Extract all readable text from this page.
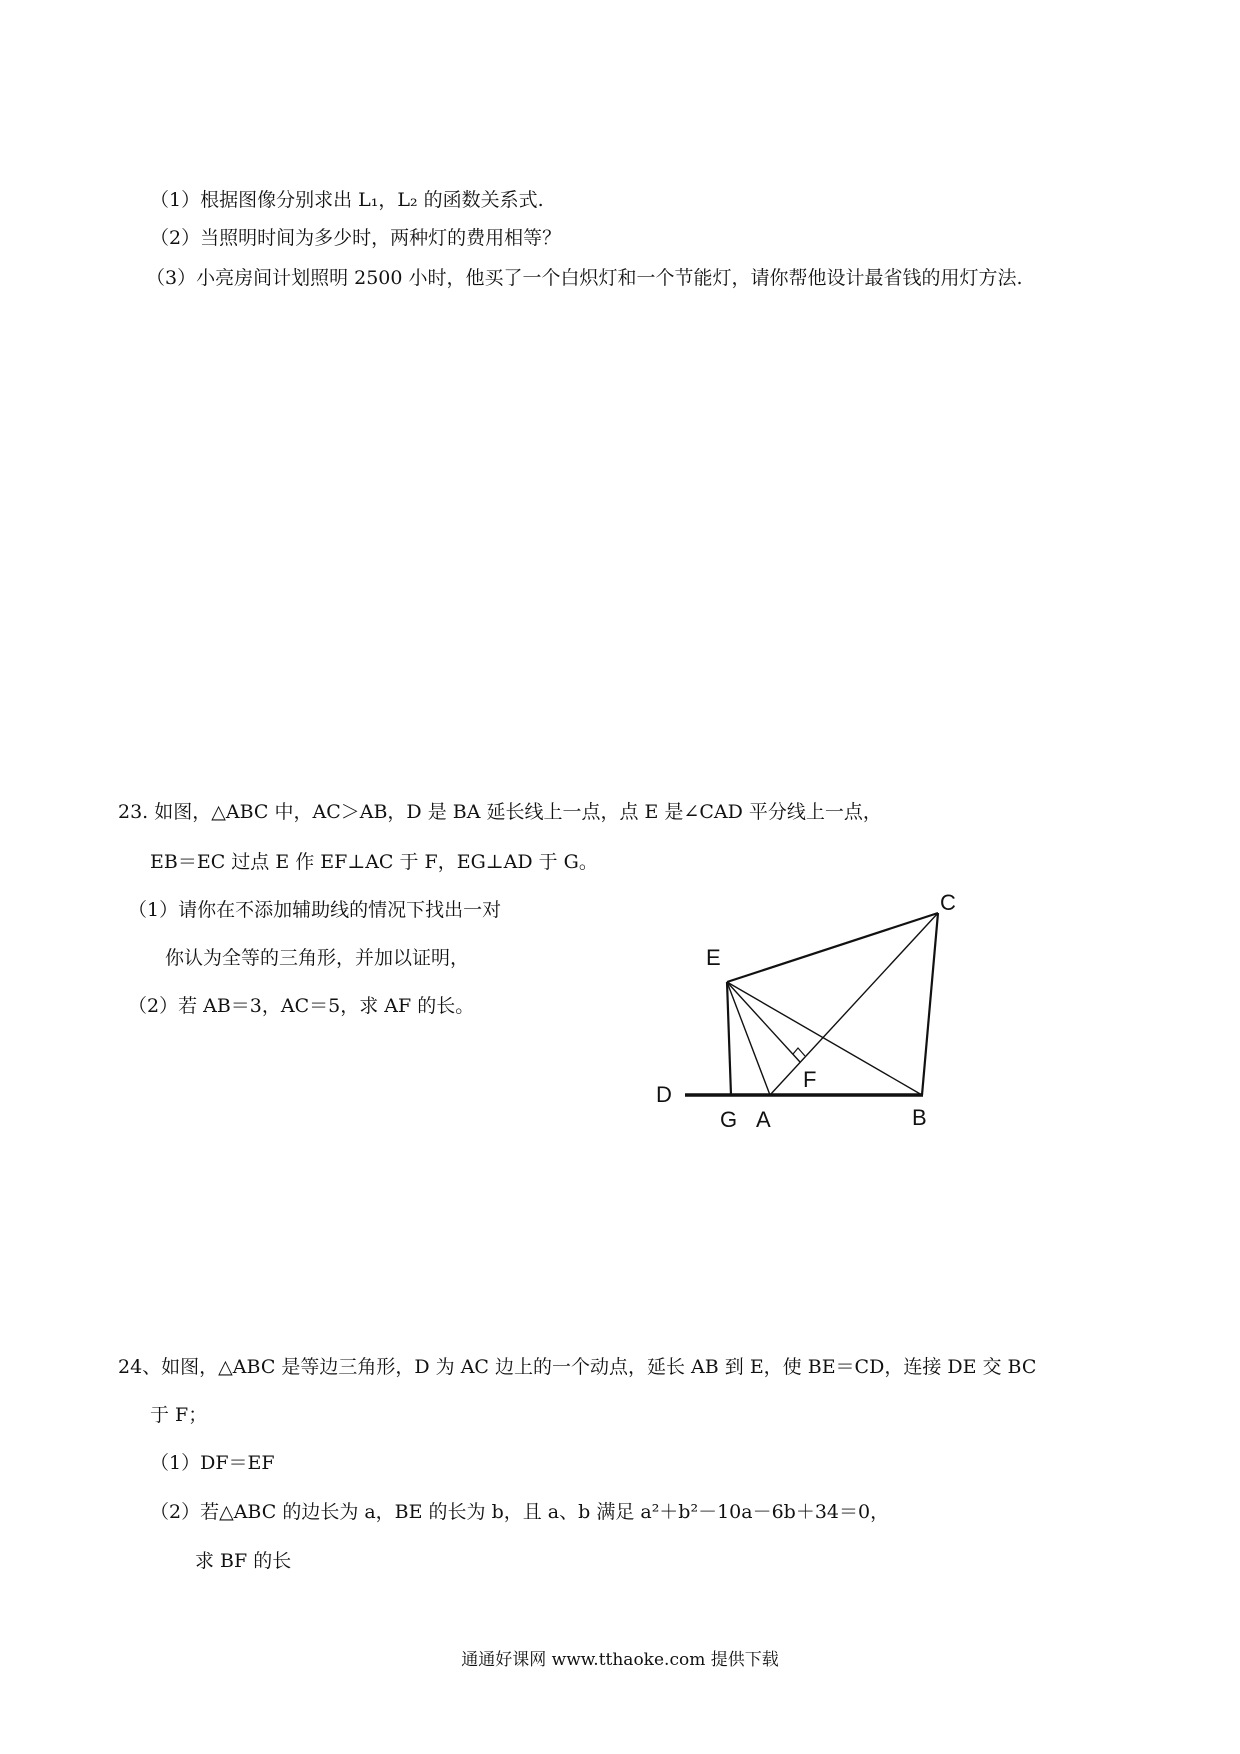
（1）根据图像分别求出 L₁，L₂ 的函数关系式.
（2）当照明时间为多少时，两种灯的费用相等？
（3）小亮房间计划照明 2500 小时，他买了一个白炽灯和一个节能灯，请你帮他设计最省钱的用灯方法.
23. 如图，△ABC 中，AC＞AB，D 是 BA 延长线上一点，点 E 是∠CAD 平分线上一点，
EB＝EC 过点 E 作 EF⊥AC 于 F，EG⊥AD 于 G。
（1）请你在不添加辅助线的情况下找出一对
你认为全等的三角形，并加以证明，
（2）若 AB＝3，AC＝5，求 AF 的长。
C
E
F
D
G A	B
24、如图，△ABC 是等边三角形，D 为 AC 边上的一个动点，延长 AB 到 E，使 BE＝CD，连接 DE 交 BC
于 F；
（1）DF＝EF
（2）若△ABC 的边长为 a，BE 的长为 b，且 a、b 满足 a²＋b²－10a－6b＋34＝0，
求 BF 的长
通通好课网 www.tthaoke.com 提供下载
